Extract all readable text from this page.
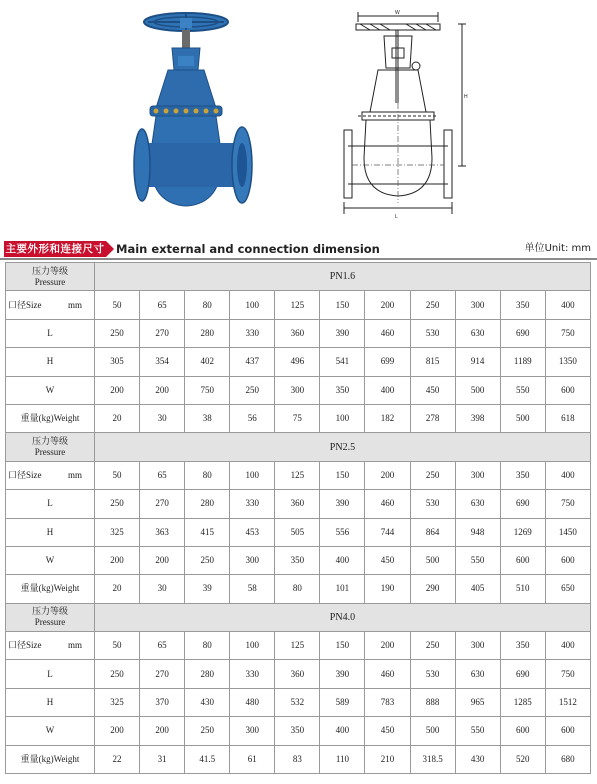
W
H
L
主要外形和连接尺寸 Main external and connection dimension	单位Unit: mm
压力等级
Pressure	PN1.6										

口径Size mm	50	65	80	100	125	150	200	250	300	350	400
L	250	270	280	330	360	390	460	530	630	690	750
H	305	354	402	437	496	541	699	815	914	1189	1350
W	200	200	750	250	300	350	400	450	500	550	600
重量(kg)Weight	20	30	38	56	75	100	182	278	398	500	618

压力等级
Pressure	PN2.5										

口径Size mm	50	65	80	100	125	150	200	250	300	350	400
L	250	270	280	330	360	390	460	530	630	690	750
H	325	363	415	453	505	556	744	864	948	1269	1450
W	200	200	250	300	350	400	450	500	550	600	600
重量(kg)Weight	20	30	39	58	80	101	190	290	405	510	650

压力等级
Pressure	PN4.0										

口径Size mm	50	65	80	100	125	150	200	250	300	350	400
L	250	270	280	330	360	390	460	530	630	690	750
H	325	370	430	480	532	589	783	888	965	1285	1512
W	200	200	250	300	350	400	450	500	550	600	600
重量(kg)Weight	22	31	41.5	61	83	110	210	318.5	430	520	680
